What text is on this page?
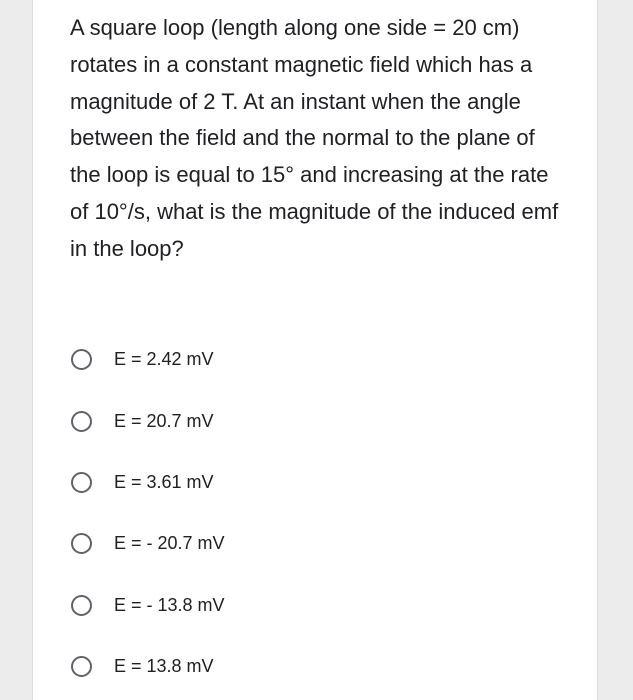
A square loop (length along one side = 20 cm) rotates in a constant magnetic field which has a magnitude of 2 T. At an instant when the angle between the field and the normal to the plane of the loop is equal to 15° and increasing at the rate of 10°/s, what is the magnitude of the induced emf in the loop?

E = 2.42 mV
E = 20.7 mV
E = 3.61 mV
E = - 20.7 mV
E = - 13.8 mV
E = 13.8 mV
